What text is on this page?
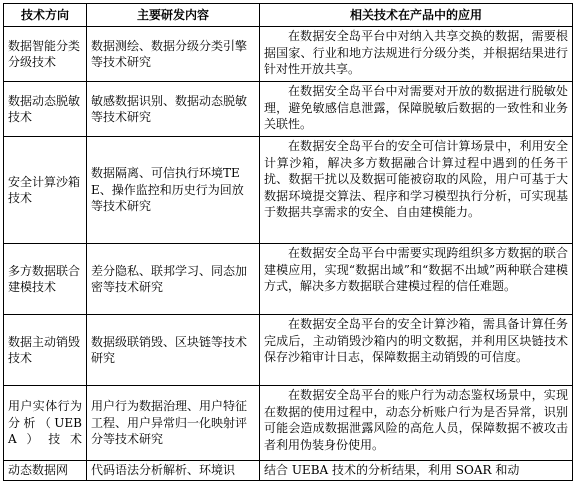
技术方向	主要研发内容	相关技术在产品中的应用
数据智能分类分级技术	数据测绘、数据分级分类引擎等技术研究	在数据安全岛平台中对纳入共享交换的数据，需要根据国家、行业和地方法规进行分级分类，并根据结果进行针对性开放共享。
数据动态脱敏技术	敏感数据识别、数据动态脱敏等技术研究	在数据安全岛平台中对需要对开放的数据进行脱敏处理，避免敏感信息泄露，保障脱敏后数据的一致性和业务关联性。
安全计算沙箱技术	数据隔离、可信执行环境TEE、操作监控和历史行为回放等技术研究	在数据安全岛平台的安全可信计算场景中，利用安全计算沙箱，解决多方数据融合计算过程中遇到的任务干扰、数据干扰以及数据可能被窃取的风险，用户可基于大数据环境提交算法、程序和学习模型执行分析，可实现基于数据共享需求的安全、自由建模能力。
多方数据联合建模技术	差分隐私、联邦学习、同态加密等技术研究	在数据安全岛平台中需要实现跨组织多方数据的联合建模应用，实现“数据出域”和“数据不出域”两种联合建模方式，解决多方数据联合建模过程的信任难题。
数据主动销毁技术	数据级联销毁、区块链等技术研究	在数据安全岛平台的安全计算沙箱，需具备计算任务完成后，主动销毁沙箱内的明文数据，并利用区块链技术保存沙箱审计日志，保障数据主动销毁的可信度。
用户实体行为分析（UEBA）技术	用户行为数据治理、用户特征工程、用户异常归一化映射评分等技术研究	在数据安全岛平台的账户行为动态鉴权场景中，实现在数据的使用过程中，动态分析账户行为是否异常，识别可能会造成数据泄露风险的高危人员，保障数据不被攻击者利用伪装身份使用。
动态数据网	代码语法分析解析、环境识	结合 UEBA 技术的分析结果，利用 SOAR 和动
